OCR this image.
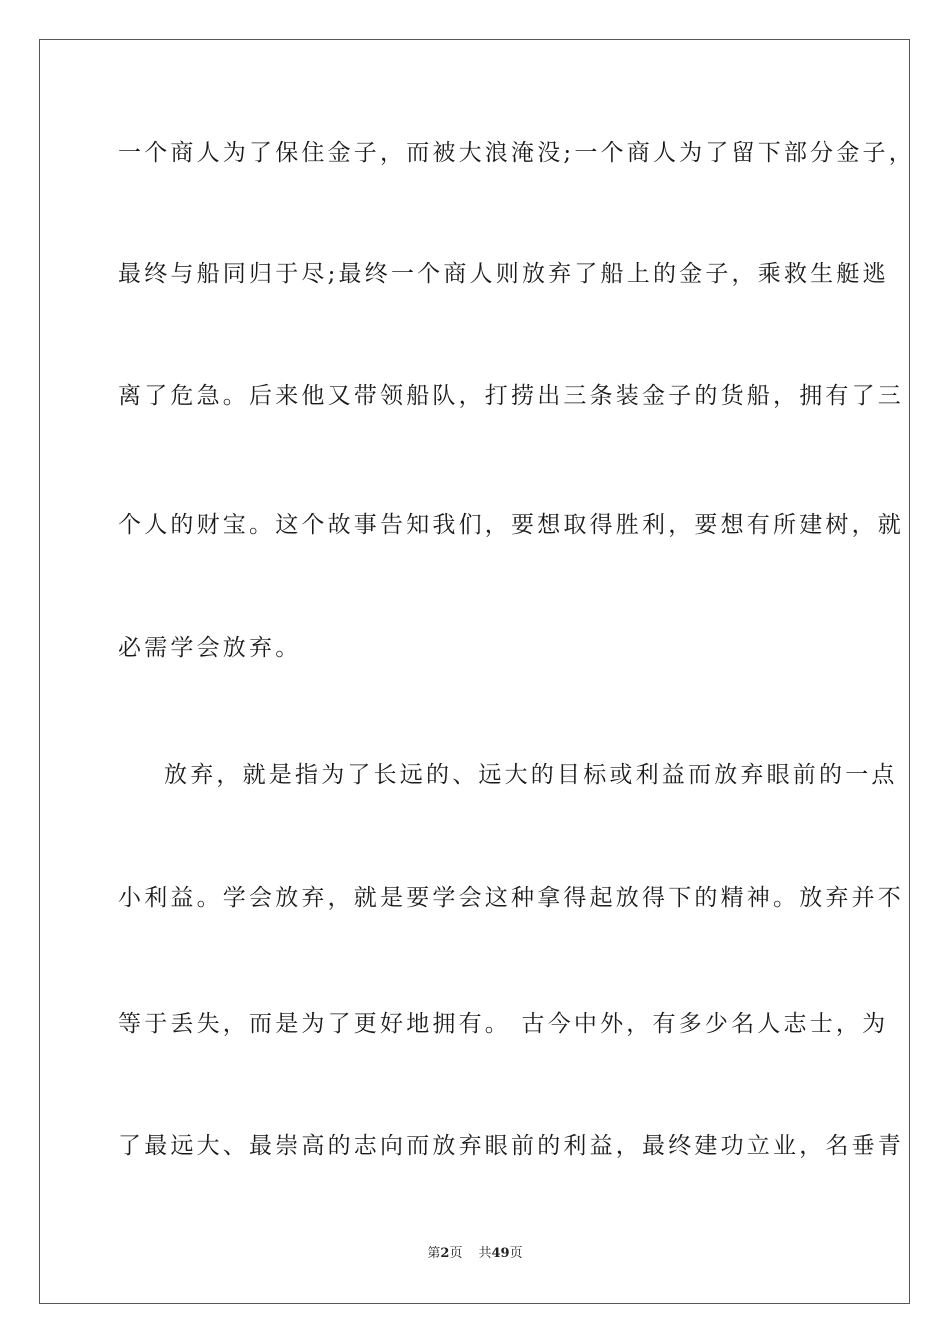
一个商人为了保住金子，而被大浪淹没;一个商人为了留下部分金子，
最终与船同归于尽;最终一个商人则放弃了船上的金子，乘救生艇逃
离了危急。后来他又带领船队，打捞出三条装金子的货船，拥有了三
个人的财宝。这个故事告知我们，要想取得胜利，要想有所建树，就
必需学会放弃。
放弃，就是指为了长远的、远大的目标或利益而放弃眼前的一点
小利益。学会放弃，就是要学会这种拿得起放得下的精神。放弃并不
等于丢失，而是为了更好地拥有。 古今中外，有多少名人志士，为
了最远大、最崇高的志向而放弃眼前的利益，最终建功立业，名垂青
第2页 共49页
